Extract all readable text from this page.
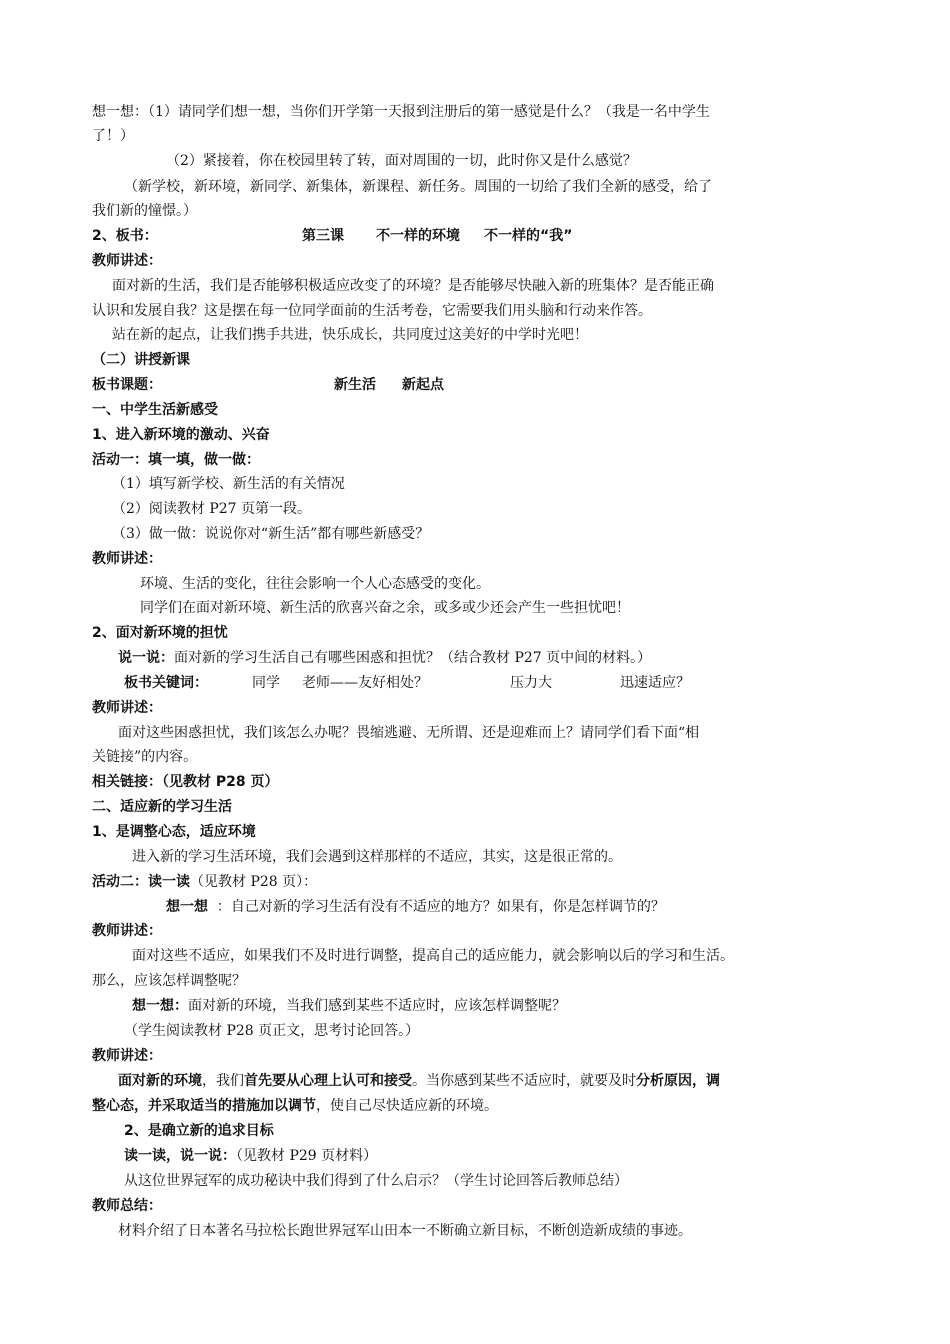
想一想：（1）请同学们想一想，当你们开学第一天报到注册后的第一感觉是什么？（我是一名中学生
了！）
（2）紧接着，你在校园里转了转，面对周围的一切，此时你又是什么感觉？
（新学校，新环境，新同学、新集体，新课程、新任务。周围的一切给了我们全新的感受，给了
我们新的憧憬。）
2、板书：	第三课 不一样的环境 不一样的“我”
教师讲述：
面对新的生活，我们是否能够积极适应改变了的环境？是否能够尽快融入新的班集体？是否能正确
认识和发展自我？这是摆在每一位同学面前的生活考卷，它需要我们用头脑和行动来作答。
站在新的起点，让我们携手共进，快乐成长，共同度过这美好的中学时光吧！
（二）讲授新课
板书课题：	新生活 新起点
一、中学生活新感受
1、进入新环境的激动、兴奋
活动一：填一填，做一做：
（1）填写新学校、新生活的有关情况
（2）阅读教材 P27 页第一段。
（3）做一做：说说你对“新生活”都有哪些新感受？
教师讲述：
环境、生活的变化，往往会影响一个人心态感受的变化。
同学们在面对新环境、新生活的欣喜兴奋之余，或多或少还会产生一些担忧吧！
2、面对新环境的担忧
说一说：面对新的学习生活自己有哪些困惑和担忧？（结合教材 P27 页中间的材料。）
板书关键词：	同学 老师——友好相处？	压力大	迅速适应？
教师讲述：
面对这些困惑担忧，我们该怎么办呢？畏缩逃避、无所谓、还是迎难而上？请同学们看下面“相
关链接”的内容。
相关链接：（见教材 P28 页）
二、适应新的学习生活
1、是调整心态，适应环境
进入新的学习生活环境，我们会遇到这样那样的不适应，其实，这是很正常的。
活动二：读一读（见教材 P28 页）：
想一想 ：自己对新的学习生活有没有不适应的地方？如果有，你是怎样调节的？
教师讲述：
面对这些不适应，如果我们不及时进行调整，提高自己的适应能力，就会影响以后的学习和生活。
那么，应该怎样调整呢？
想一想：面对新的环境，当我们感到某些不适应时，应该怎样调整呢？
（学生阅读教材 P28 页正文，思考讨论回答。）
教师讲述：
面对新的环境，我们首先要从心理上认可和接受。当你感到某些不适应时，就要及时分析原因，调
整心态，并采取适当的措施加以调节，使自己尽快适应新的环境。
2、是确立新的追求目标
读一读，说一说：（见教材 P29 页材料）
从这位世界冠军的成功秘诀中我们得到了什么启示？（学生讨论回答后教师总结）
教师总结：
材料介绍了日本著名马拉松长跑世界冠军山田本一不断确立新目标，不断创造新成绩的事迹。
